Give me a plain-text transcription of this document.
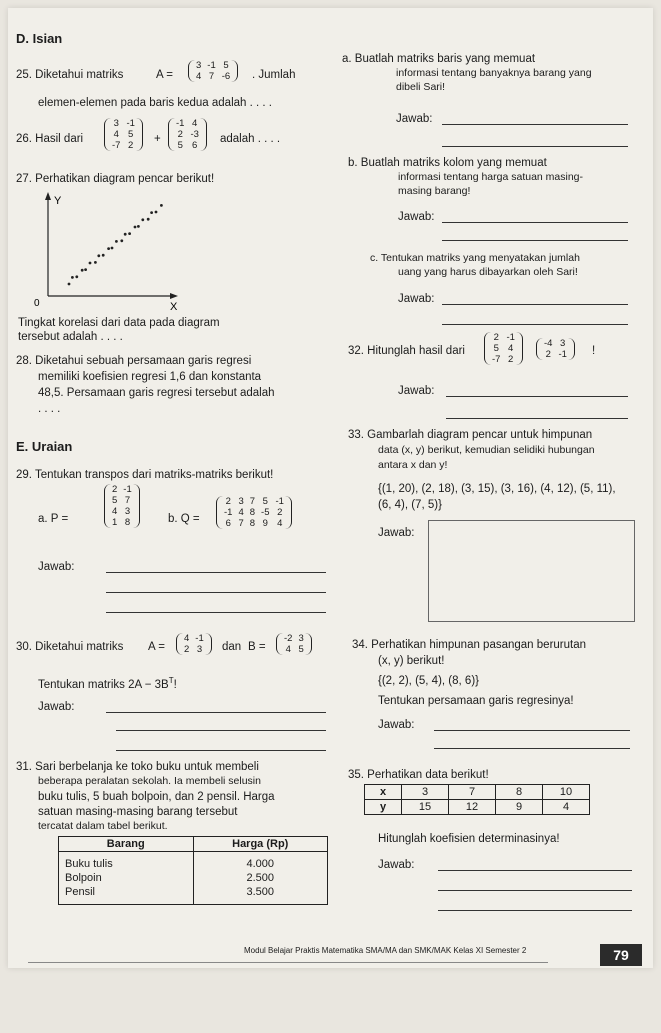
D. Isian
25. Diketahui matriks	A =
3	-1	5
4	7	-6 . Jumlah
elemen-elemen pada baris kedua adalah . . . .
26. Hasil dari
3	-1
4	5
-7	2
+
-1	4
2	-3
5	6
adalah . . . .
27. Perhatikan diagram pencar berikut!
Y
X
0
Tingkat korelasi dari data pada diagram
tersebut adalah . . . .
28. Diketahui sebuah persamaan garis regresi
memiliki koefisien regresi 1,6 dan konstanta
48,5. Persamaan garis regresi tersebut adalah
. . . .
E. Uraian
29. Tentukan transpos dari matriks-matriks berikut!
a. P =
2	-1
5	7
4	3
1	8	b. Q =
2	3	7	5	-1
-1	4	8	-5	2
6	7	8	9	4
Jawab:
30. Diketahui matriks A =
4	-1
2	3 dan B =
-2	3
4	5
Tentukan matriks $2A - 3B^T$!
Jawab:
31. Sari berbelanja ke toko buku untuk membeli
beberapa peralatan sekolah. Ia membeli selusin
buku tulis, 5 buah bolpoin, dan 2 pensil. Harga
satuan masing-masing barang tersebut
tercatat dalam tabel berikut.
Barang	Harga (Rp)
Buku tulis	4.000
Bolpoin	2.500
Pensil	3.500
a. Buatlah matriks baris yang memuat
informasi tentang banyaknya barang yang
dibeli Sari!
Jawab:
b. Buatlah matriks kolom yang memuat
informasi tentang harga satuan masing-
masing barang!
Jawab:
c. Tentukan matriks yang menyatakan jumlah
uang yang harus dibayarkan oleh Sari!
Jawab:
32. Hitunglah hasil dari
2	-1
5	4
-7	2
-4	3
2	-1 !
Jawab:
33. Gambarlah diagram pencar untuk himpunan
data (x, y) berikut, kemudian selidiki hubungan
antara x dan y!
{(1, 20), (2, 18), (3, 15), (3, 16), (4, 12), (5, 11),
(6, 4), (7, 5)}
Jawab:
34. Perhatikan himpunan pasangan berurutan
(x, y) berikut!
{(2, 2), (5, 4), (8, 6)}
Tentukan persamaan garis regresinya!
Jawab:
35. Perhatikan data berikut!
x	3	7	8	10
y	15	12	9	4
Hitunglah koefisien determinasinya!
Jawab:
Modul Belajar Praktis Matematika SMA/MA dan SMK/MAK Kelas XI Semester 2	79
